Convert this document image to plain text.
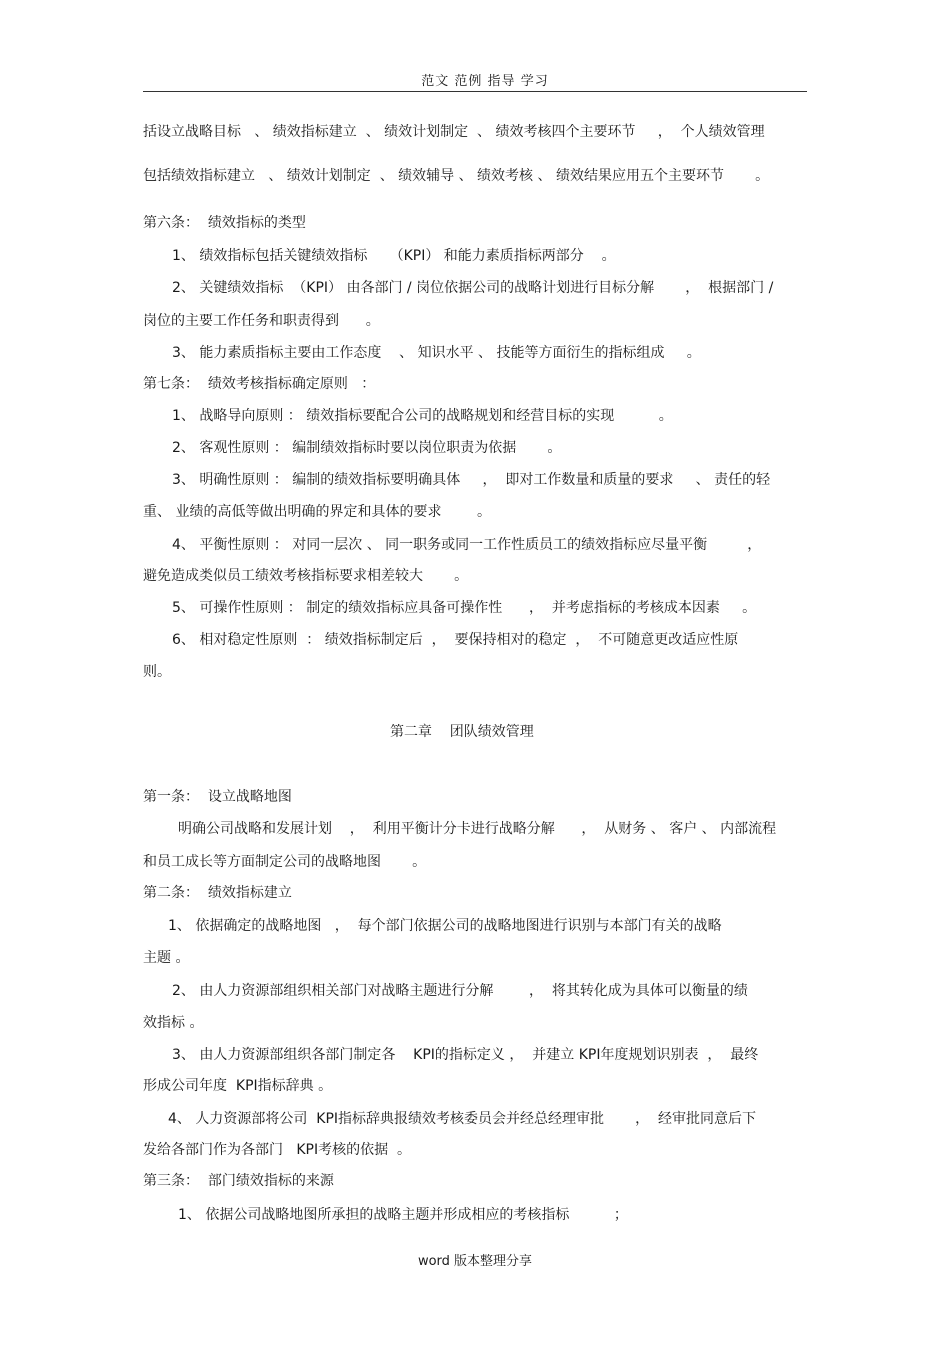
范文 范例 指导 学习
括设立战略目标   、 绩效指标建立  、 绩效计划制定  、 绩效考核四个主要环节     ，  个人绩效管理
包括绩效指标建立   、 绩效计划制定  、 绩效辅导 、 绩效考核 、 绩效结果应用五个主要环节       。
第六条：  绩效指标的类型
1、 绩效指标包括关键绩效指标     （KPI） 和能力素质指标两部分    。
2、 关键绩效指标  （KPI） 由各部门 / 岗位依据公司的战略计划进行目标分解       ，  根据部门 /
岗位的主要工作任务和职责得到      。
3、 能力素质指标主要由工作态度    、 知识水平 、 技能等方面衍生的指标组成     。
第七条：  绩效考核指标确定原则   ：
1、 战略导向原则 ： 绩效指标要配合公司的战略规划和经营目标的实现          。
2、 客观性原则 ： 编制绩效指标时要以岗位职责为依据       。
3、 明确性原则 ： 编制的绩效指标要明确具体     ，  即对工作数量和质量的要求     、 责任的轻
重、 业绩的高低等做出明确的界定和具体的要求        。
4、 平衡性原则 ： 对同一层次 、 同一职务或同一工作性质员工的绩效指标应尽量平衡         ，
避免造成类似员工绩效考核指标要求相差较大       。
5、 可操作性原则 ： 制定的绩效指标应具备可操作性      ，  并考虑指标的考核成本因素     。
6、 相对稳定性原则  ： 绩效指标制定后  ，  要保持相对的稳定  ，  不可随意更改适应性原
则。
第二章    团队绩效管理
第一条：  设立战略地图
明确公司战略和发展计划    ，  利用平衡计分卡进行战略分解      ，  从财务 、 客户 、 内部流程
和员工成长等方面制定公司的战略地图       。
第二条：  绩效指标建立
1、 依据确定的战略地图   ，  每个部门依据公司的战略地图进行识别与本部门有关的战略
主题 。
2、 由人力资源部组织相关部门对战略主题进行分解        ，  将其转化成为具体可以衡量的绩
效指标 。
3、 由人力资源部组织各部门制定各    KPI的指标定义 ，  并建立 KPI年度规划识别表  ，  最终
形成公司年度  KPI指标辞典 。
4、 人力资源部将公司  KPI指标辞典报绩效考核委员会并经总经理审批       ，  经审批同意后下
发给各部门作为各部门   KPI考核的依据  。
第三条：  部门绩效指标的来源
1、 依据公司战略地图所承担的战略主题并形成相应的考核指标          ；
word 版本整理分享
